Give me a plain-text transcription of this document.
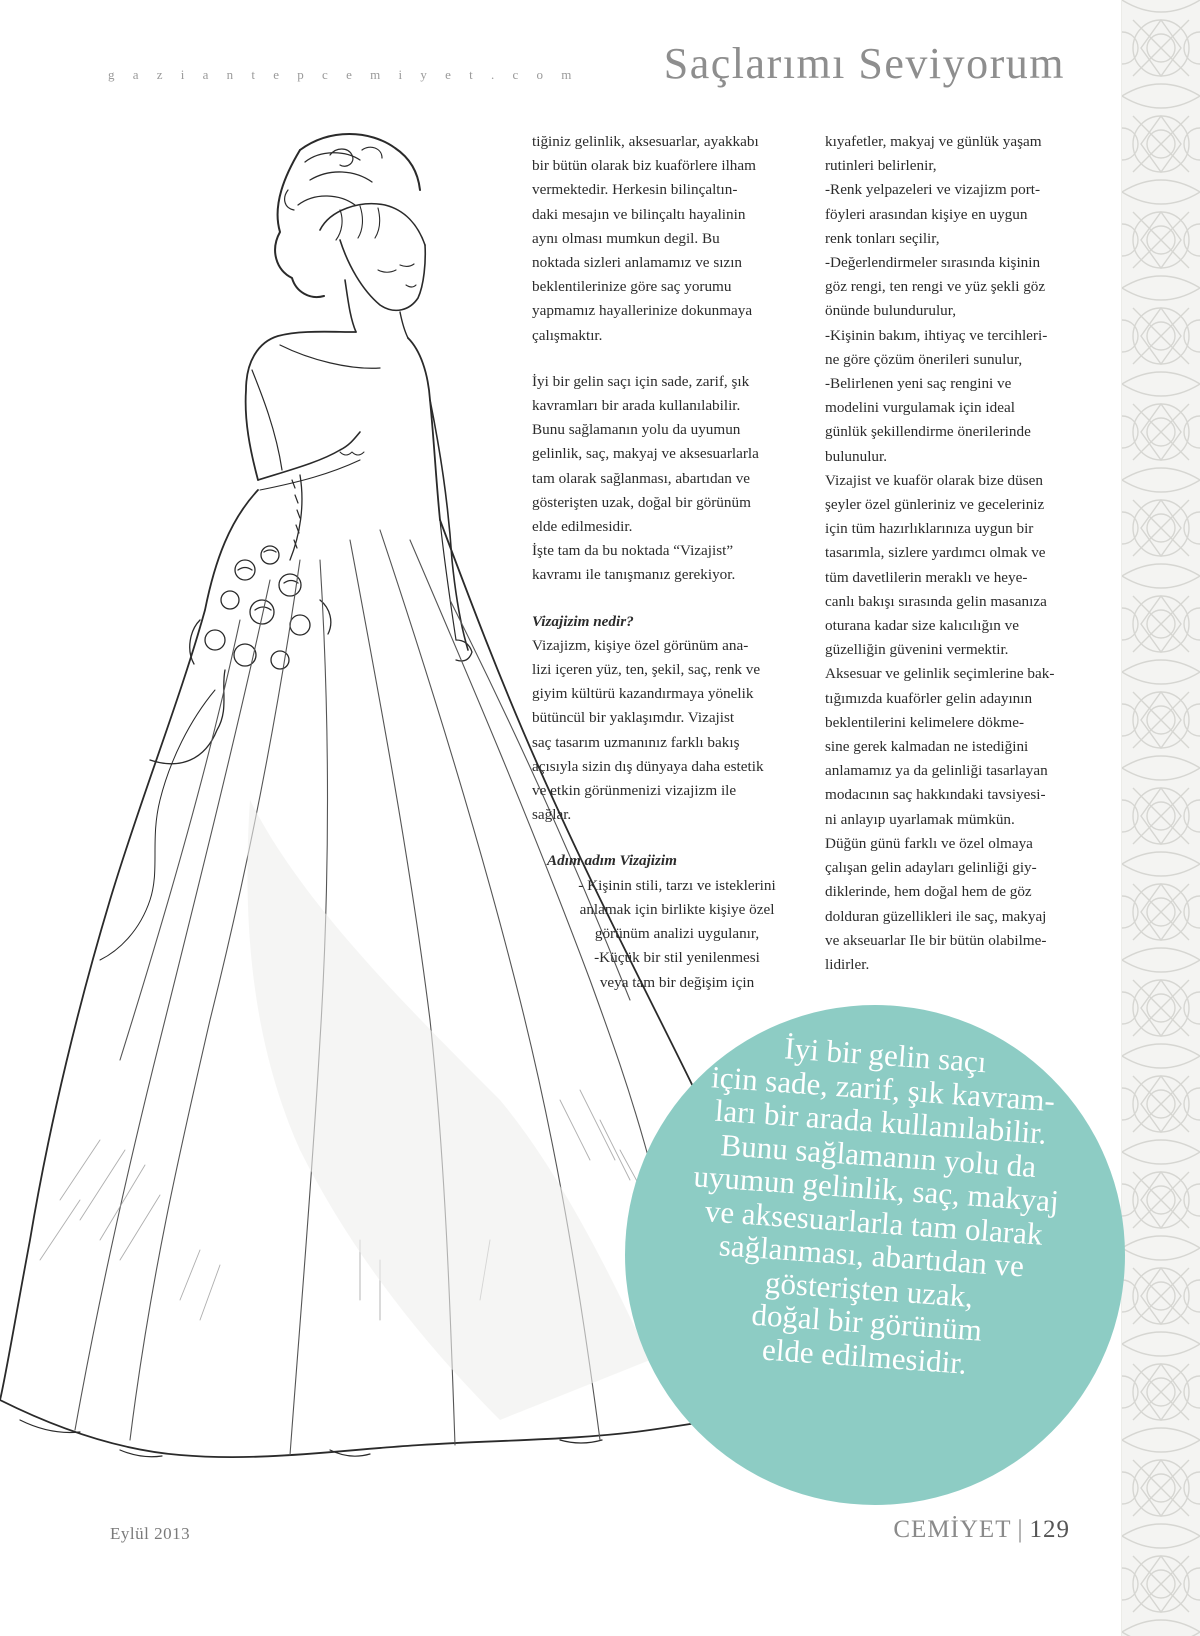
g a z i a n t e p c e m i y e t . c o m Saçlarımı Seviyorum

tiğiniz gelinlik, aksesuarlar, ayakkabı
bir bütün olarak biz kuaförlere ilham
vermektedir. Herkesin bilinçaltın-
daki mesajın ve bilinçaltı hayalinin
aynı olması mumkun degil. Bu
noktada sizleri anlamamız ve sızın
beklentilerinize göre saç yorumu
yapmamız hayallerinize dokunmaya
çalışmaktır.

İyi bir gelin saçı için sade, zarif, şık
kavramları bir arada kullanılabilir.
Bunu sağlamanın yolu da uyumun
gelinlik, saç, makyaj ve aksesuarlarla
tam olarak sağlanması, abartıdan ve
gösterişten uzak, doğal bir görünüm
elde edilmesidir.
İşte tam da bu noktada “Vizajist”
kavramı ile tanışmanız gerekiyor.

Vizajizim nedir?

Vizajizm, kişiye özel görünüm ana-
lizi içeren yüz, ten, şekil, saç, renk ve
giyim kültürü kazandırmaya yönelik
bütüncül bir yaklaşımdır. Vizajist
saç tasarım uzmanınız farklı bakış
açısıyla sizin dış dünyaya daha estetik
ve etkin görünmenizi vizajizm ile
sağlar.

Adım adım Vizajizim

- Kişinin stili, tarzı ve isteklerini
anlamak için birlikte kişiye özel
görünüm analizi uygulanır,
-Küçük bir stil yenilenmesi
veya tam bir değişim için

kıyafetler, makyaj ve günlük yaşam
rutinleri belirlenir,
-Renk yelpazeleri ve vizajizm port-
föyleri arasından kişiye en uygun
renk tonları seçilir,
-Değerlendirmeler sırasında kişinin
göz rengi, ten rengi ve yüz şekli göz
önünde bulundurulur,
-Kişinin bakım, ihtiyaç ve tercihleri-
ne göre çözüm önerileri sunulur,
-Belirlenen yeni saç rengini ve
modelini vurgulamak için ideal
günlük şekillendirme önerilerinde
bulunulur.
Vizajist ve kuaför olarak bize düsen
şeyler özel günleriniz ve geceleriniz
için tüm hazırlıklarınıza uygun bir
tasarımla, sizlere yardımcı olmak ve
tüm davetlilerin meraklı ve heye-
canlı bakışı sırasında gelin masanıza
oturana kadar size kalıcılığın ve
güzelliğin güvenini vermektir.
Aksesuar ve gelinlik seçimlerine bak-
tığımızda kuaförler gelin adayının
beklentilerini kelimelere dökme-
sine gerek kalmadan ne istediğini
anlamamız ya da gelinliği tasarlayan
modacının saç hakkındaki tavsiyesi-
ni anlayıp uyarlamak mümkün.
Düğün günü farklı ve özel olmaya
çalışan gelin adayları gelinliği giy-
diklerinde, hem doğal hem de göz
dolduran güzellikleri ile saç, makyaj
ve akseuarlar Ile bir bütün olabilme-
lidirler.

İyi bir gelin saçı
için sade, zarif, şık kavram-
ları bir arada kullanılabilir.
Bunu sağlamanın yolu da
uyumun gelinlik, saç, makyaj
ve aksesuarlarla tam olarak
sağlanması, abartıdan ve
gösterişten uzak,
doğal bir görünüm
elde edilmesidir.
Eylül 2013	CEMİYET | 129
